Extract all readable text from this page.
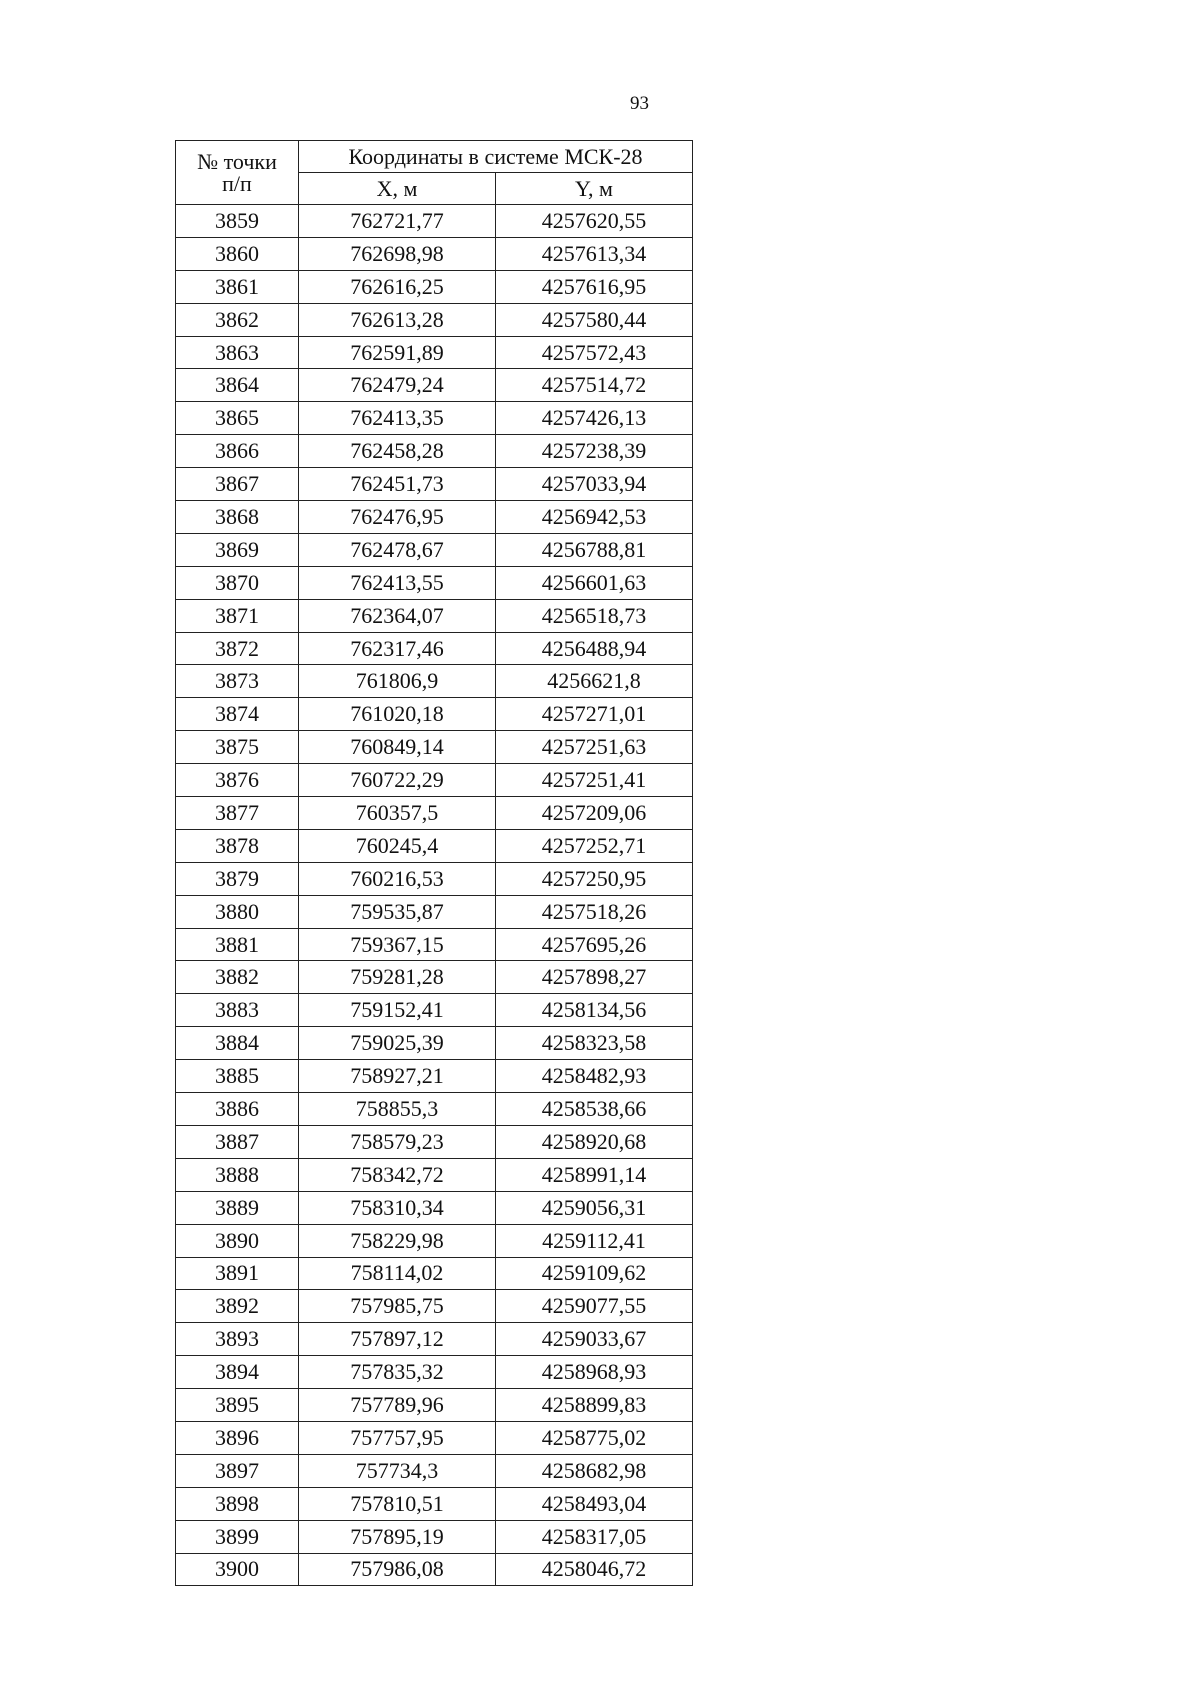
93
№ точки
п/п	Координаты в системе МСК-28	
	X, м	Y, м
3859	762721,77	4257620,55
3860	762698,98	4257613,34
3861	762616,25	4257616,95
3862	762613,28	4257580,44
3863	762591,89	4257572,43
3864	762479,24	4257514,72
3865	762413,35	4257426,13
3866	762458,28	4257238,39
3867	762451,73	4257033,94
3868	762476,95	4256942,53
3869	762478,67	4256788,81
3870	762413,55	4256601,63
3871	762364,07	4256518,73
3872	762317,46	4256488,94
3873	761806,9	4256621,8
3874	761020,18	4257271,01
3875	760849,14	4257251,63
3876	760722,29	4257251,41
3877	760357,5	4257209,06
3878	760245,4	4257252,71
3879	760216,53	4257250,95
3880	759535,87	4257518,26
3881	759367,15	4257695,26
3882	759281,28	4257898,27
3883	759152,41	4258134,56
3884	759025,39	4258323,58
3885	758927,21	4258482,93
3886	758855,3	4258538,66
3887	758579,23	4258920,68
3888	758342,72	4258991,14
3889	758310,34	4259056,31
3890	758229,98	4259112,41
3891	758114,02	4259109,62
3892	757985,75	4259077,55
3893	757897,12	4259033,67
3894	757835,32	4258968,93
3895	757789,96	4258899,83
3896	757757,95	4258775,02
3897	757734,3	4258682,98
3898	757810,51	4258493,04
3899	757895,19	4258317,05
3900	757986,08	4258046,72
